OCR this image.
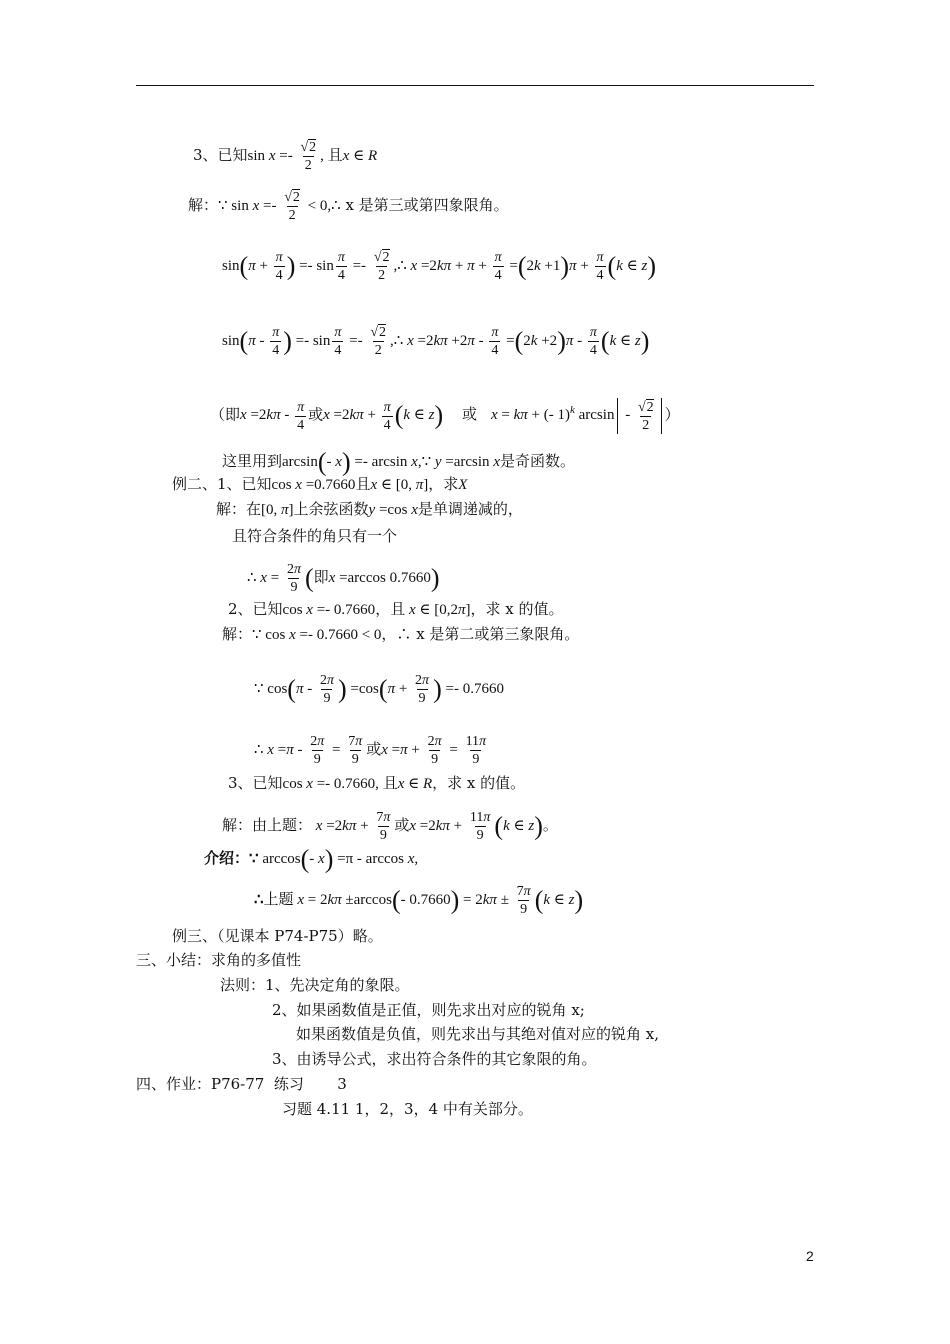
3、已知$\sin x =- \frac{√2}{2}$ , 且x ∈ R
解：∵ $\sin x =- \frac{√2}{2}$ < 0,∴ x 是第三或第四象限角。
$\sin(\pi + \frac{\pi}{4}$ ) =- $\sin \frac{\pi}{4} =- \frac{√2}{2}$ ,∴ $x =2k\pi + \pi + \frac{\pi}{4} =(2k +1)\pi + \frac{\pi}{4} (k$ ∈ z)
$\sin(\pi - \frac{\pi}{4}$ ) =- $\sin \frac{\pi}{4} =- \frac{√2}{2}$ ,∴ $x =2k\pi +2\pi - \frac{\pi}{4} =(2k +2)\pi - \frac{\pi}{4} (k$ ∈ z)
（即$x =2k\pi - \frac{\pi}{4}$ 或$x =2k\pi + \frac{\pi}{4} (k$ ∈ z) 或 x = kπ + (- 1)$^k$ arcsin - $\frac{√2}{2}$ ）
这里用到arcsin(- x) =- arcsin x,∵ y =arcsin x是奇函数。
例二、1、已知cos x =0.7660且x ∈ [0, π]，求X
解：在[0, π]上余弦函数y =cos x是单调递减的，
且符合条件的角只有一个
∴ $x = \frac{2\pi}{9}$ (即x =arccos 0.7660)
2、已知cos x =- 0.7660，且 x ∈ [0,2π]，求 x 的值。
解：∵ cos x =- 0.7660 < 0，∴ x 是第二或第三象限角。
∵ $\cos(\pi - \frac{2\pi}{9}$ ) $=\cos(\pi + \frac{2\pi}{9}$ ) =- 0.7660
∴ $x =\pi - \frac{2\pi}{9} = \frac{7\pi}{9}$ 或$x =\pi + \frac{2\pi}{9} = \frac{11\pi}{9}$
3、已知cos x =- 0.7660, 且x ∈ R，求 x 的值。
解：由上题： $x =2k\pi + \frac{7\pi}{9}$ 或$x =2k\pi + \frac{11\pi}{9} (k$ ∈ z)。
介绍：∵ arccos(- x) =π - arccos x,
∴上题 x = 2kπ ±arccos(- $0.7660) = 2k\pi \pm \frac{7\pi}{9} (k$ ∈ z)
例三、（见课本 P74-P75）略。
三、小结：求角的多值性
法则：1、先决定角的象限。
2、如果函数值是正值，则先求出对应的锐角 x;
如果函数值是负值，则先求出与其绝对值对应的锐角 x,
3、由诱导公式，求出符合条件的其它象限的角。
四、作业：P76-77  练习       3
习题 4.11 1，2，3，4 中有关部分。
2
